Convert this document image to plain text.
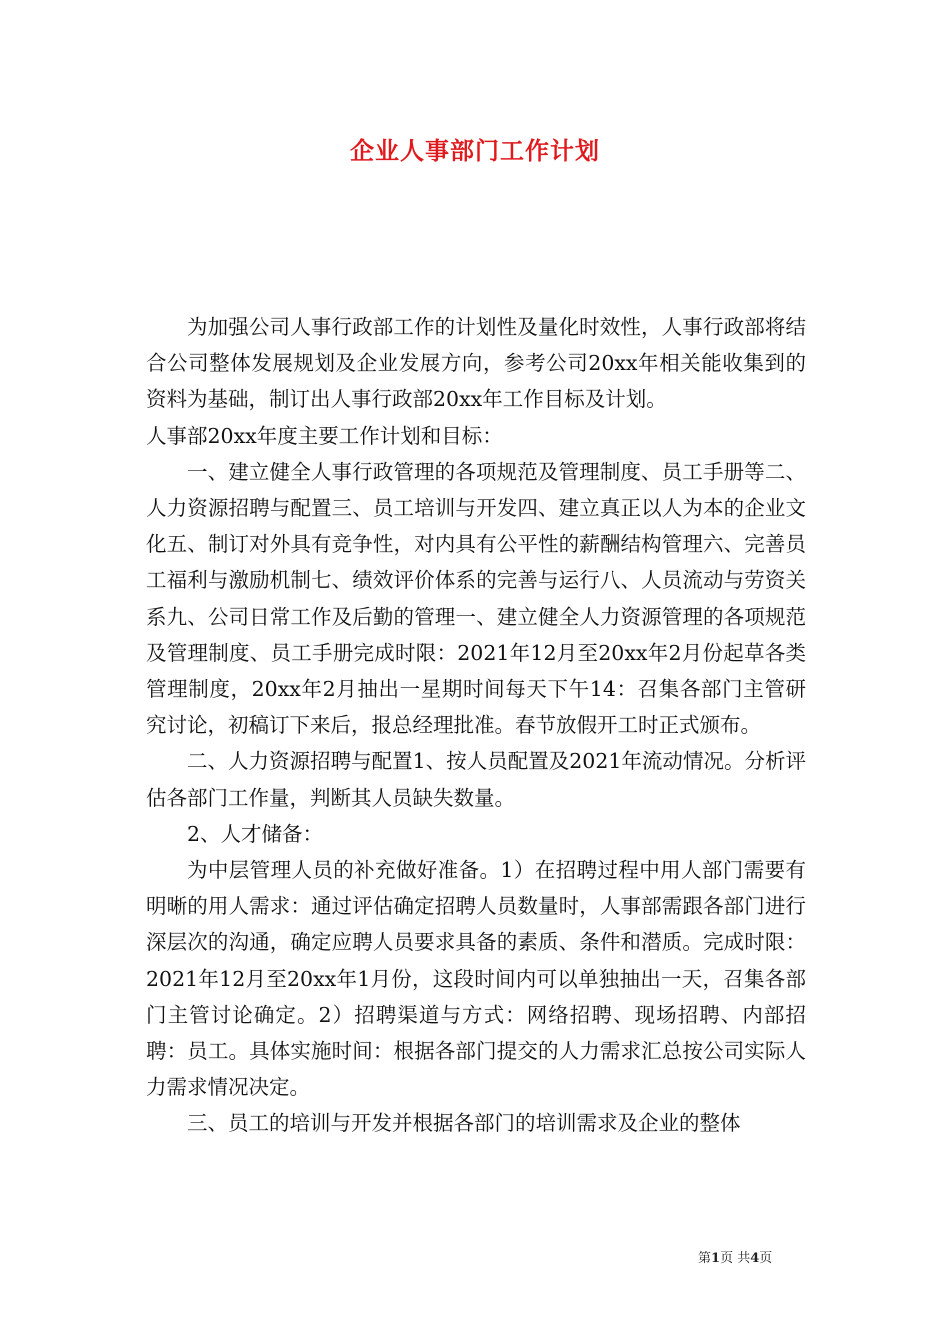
企业人事部门工作计划

为加强公司人事行政部工作的计划性及量化时效性，人事行政部将结合公司整体发展规划及企业发展方向，参考公司20xx年相关能收集到的资料为基础，制订出人事行政部20xx年工作目标及计划。

人事部20xx年度主要工作计划和目标：

一、建立健全人事行政管理的各项规范及管理制度、员工手册等二、人力资源招聘与配置三、员工培训与开发四、建立真正以人为本的企业文化五、制订对外具有竞争性，对内具有公平性的薪酬结构管理六、完善员工福利与激励机制七、绩效评价体系的完善与运行八、人员流动与劳资关系九、公司日常工作及后勤的管理一、建立健全人力资源管理的各项规范及管理制度、员工手册完成时限：2021年12月至20xx年2月份起草各类管理制度，20xx年2月抽出一星期时间每天下午14：召集各部门主管研究讨论，初稿订下来后，报总经理批准。春节放假开工时正式颁布。

二、人力资源招聘与配置1、按人员配置及2021年流动情况。分析评估各部门工作量，判断其人员缺失数量。

2、人才储备：

为中层管理人员的补充做好准备。1）在招聘过程中用人部门需要有明晰的用人需求：通过评估确定招聘人员数量时，人事部需跟各部门进行深层次的沟通，确定应聘人员要求具备的素质、条件和潜质。完成时限：2021年12月至20xx年1月份，这段时间内可以单独抽出一天，召集各部门主管讨论确定。2）招聘渠道与方式：网络招聘、现场招聘、内部招聘：员工。具体实施时间：根据各部门提交的人力需求汇总按公司实际人力需求情况决定。

三、员工的培训与开发并根据各部门的培训需求及企业的整体

第1页 共4页
